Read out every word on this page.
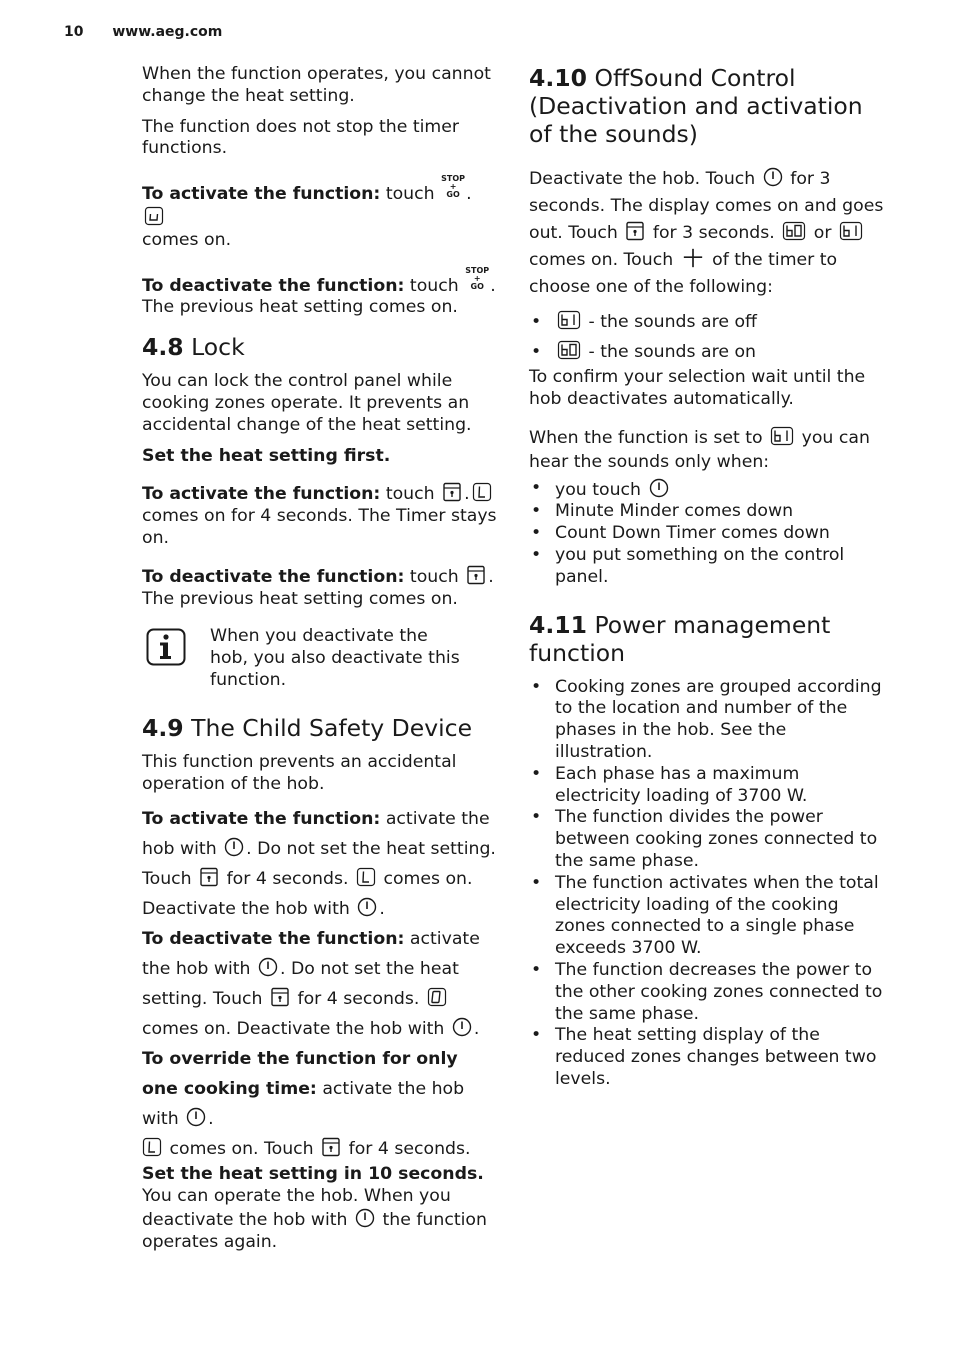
10 www.aeg.com

When the function operates, you cannot change the heat setting.

The function does not stop the timer functions.

To activate the function: touch STOP
+
GO .

comes on.

To deactivate the function: touch STOP
+
GO .
The previous heat setting comes on.

4.8 Lock

You can lock the control panel while cooking zones operate. It prevents an accidental change of the heat setting.

Set the heat setting first.

To activate the function: touch
.

comes on for 4 seconds. The Timer stays on.

To deactivate the function: touch
.
The previous heat setting comes on.

When you deactivate the hob, you also deactivate this function.

4.9 The Child Safety Device

This function prevents an accidental operation of the hob.

To activate the function: activate the hob with
. Do not set the heat setting. Touch
for 4 seconds.
comes on. Deactivate the hob with
.

To deactivate the function: activate the hob with
. Do not set the heat setting. Touch
for 4 seconds.
comes on. Deactivate the hob with
.

To override the function for only one cooking time: activate the hob with
.

comes on. Touch
for 4 seconds.

Set the heat setting in 10 seconds. You can operate the hob. When you deactivate the hob with
the function operates again.

4.10 OffSound Control (Deactivation and activation of the sounds)

Deactivate the hob. Touch
for 3 seconds. The display comes on and goes out. Touch
for 3 seconds.
or
comes on. Touch
of the timer to choose one of the following:

• - the sounds are off
• - the sounds are on

To confirm your selection wait until the hob deactivates automatically.

When the function is set to
you can hear the sounds only when:

• you touch
• Minute Minder comes down
• Count Down Timer comes down
• you put something on the control panel.
4.11 Power management function
• Cooking zones are grouped according to the location and number of the phases in the hob. See the illustration.
• Each phase has a maximum electricity loading of 3700 W.
• The function divides the power between cooking zones connected to the same phase.
• The function activates when the total electricity loading of the cooking zones connected to a single phase exceeds 3700 W.
• The function decreases the power to the other cooking zones connected to the same phase.
• The heat setting display of the reduced zones changes between two levels.
